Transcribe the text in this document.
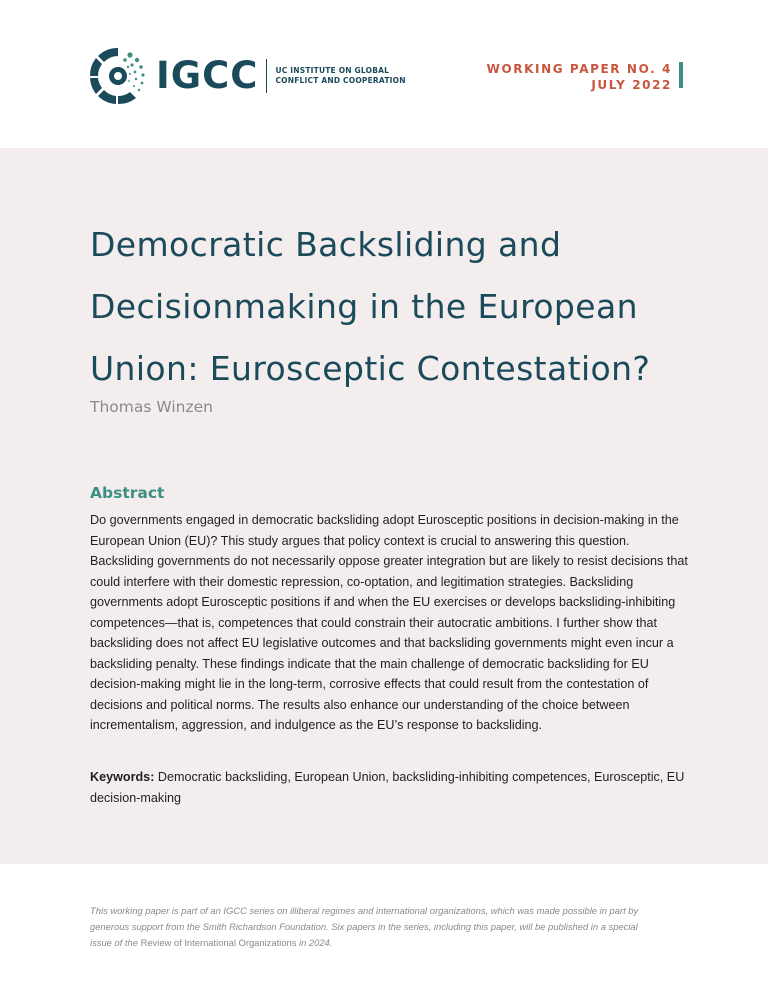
IGCC UC INSTITUTE ON GLOBAL
CONFLICT AND COOPERATION
WORKING PAPER NO. 4
JULY 2022
Democratic Backsliding and
Decisionmaking in the European
Union: Eurosceptic Contestation?
Thomas Winzen
Abstract

Do governments engaged in democratic backsliding adopt Eurosceptic positions in decision-making in the European Union (EU)? This study argues that policy context is crucial to answering this question. Backsliding governments do not necessarily oppose greater integration but are likely to resist decisions that could interfere with their domestic repression, co-optation, and legitimation strategies. Backsliding governments adopt Eurosceptic positions if and when the EU exercises or develops backsliding-inhibiting competences—that is, competences that could constrain their autocratic ambitions. I further show that backsliding does not affect EU legislative outcomes and that backsliding governments might even incur a backsliding penalty. These findings indicate that the main challenge of democratic backsliding for EU decision-making might lie in the long-term, corrosive effects that could result from the contestation of decisions and political norms. The results also enhance our understanding of the choice between incrementalism, aggression, and indulgence as the EU’s response to backsliding.

Keywords: Democratic backsliding, European Union, backsliding-inhibiting competences, Eurosceptic, EU decision-making

This working paper is part of an IGCC series on illiberal regimes and international organizations, which was made possible in part by generous support from the Smith Richardson Foundation. Six papers in the series, including this paper, will be published in a special issue of the Review of International Organizations in 2024.
